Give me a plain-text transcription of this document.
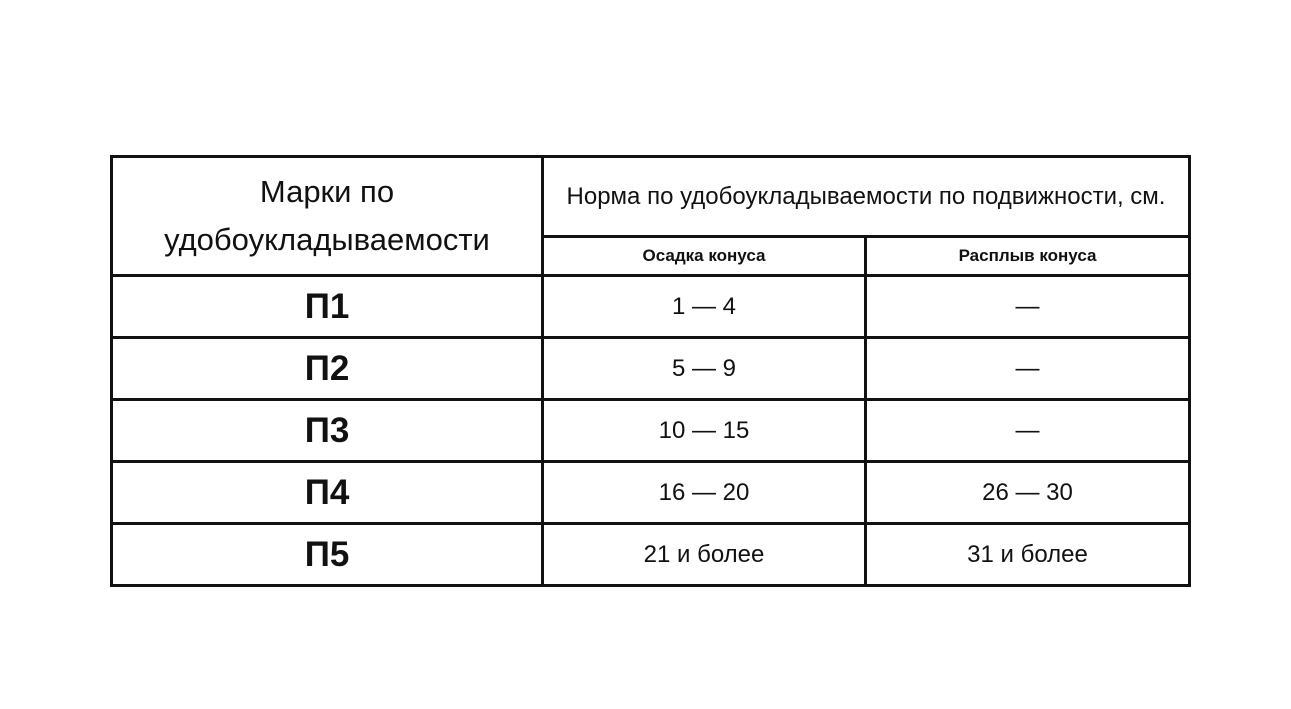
Марки по удобоукладываемости	Норма по удобоукладываемости по подвижности, см.	
	Осадка конуса	Расплыв конуса
П1	1 — 4	—
П2	5 — 9	—
П3	10 — 15	—
П4	16 — 20	26 — 30
П5	21 и более	31 и более
